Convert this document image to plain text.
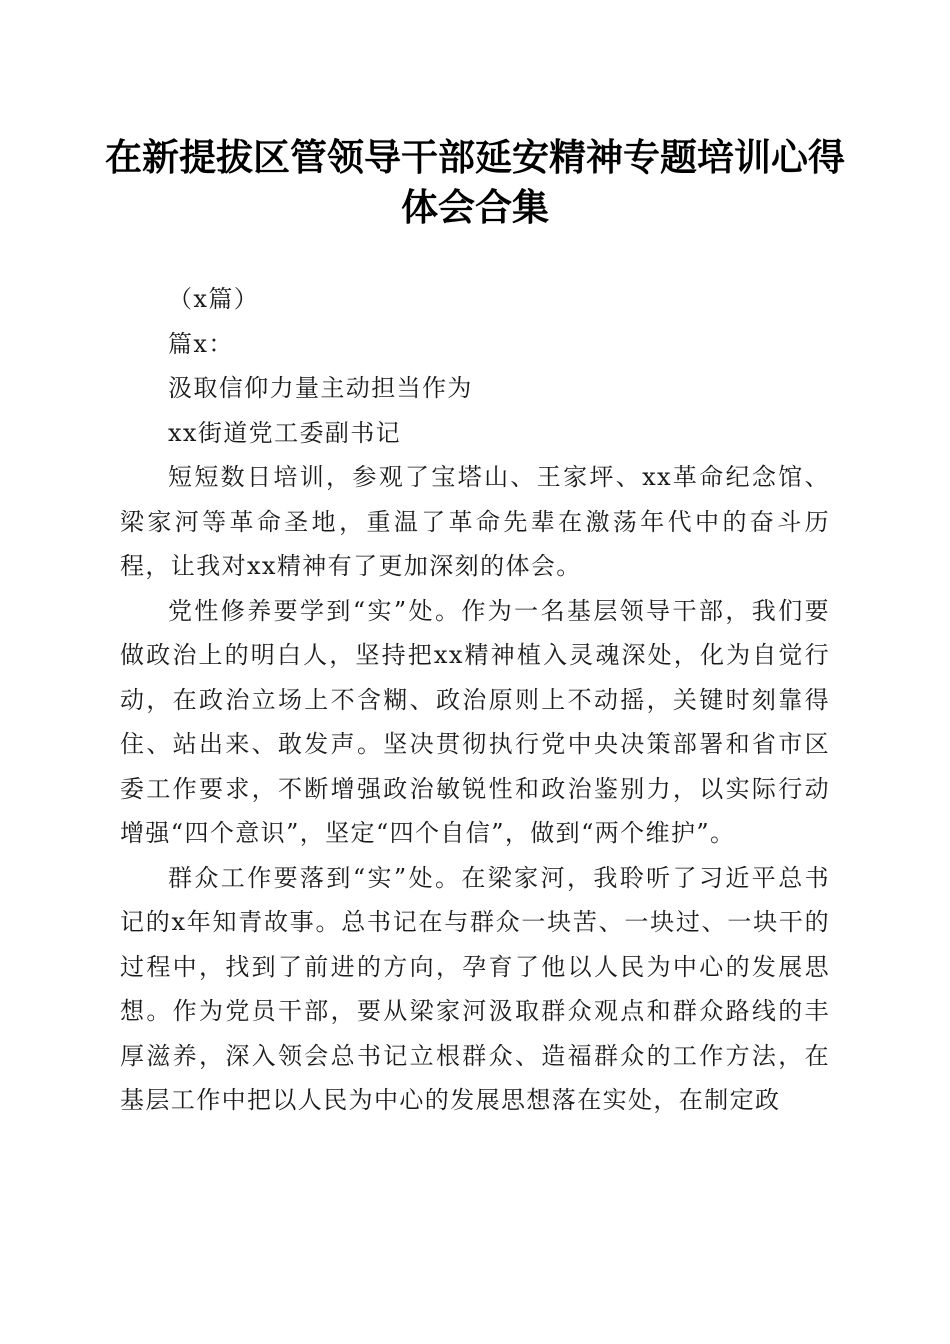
在新提拔区管领导干部延安精神专题培训心得
体会合集

（x篇）

篇x：

汲取信仰力量主动担当作为

xx街道党工委副书记

短短数日培训，参观了宝塔山、王家坪、xx革命纪念馆、梁家河等革命圣地，重温了革命先辈在激荡年代中的奋斗历程，让我对xx精神有了更加深刻的体会。

党性修养要学到“实”处。作为一名基层领导干部，我们要做政治上的明白人，坚持把xx精神植入灵魂深处，化为自觉行动，在政治立场上不含糊、政治原则上不动摇，关键时刻靠得住、站出来、敢发声。坚决贯彻执行党中央决策部署和省市区委工作要求，不断增强政治敏锐性和政治鉴别力，以实际行动增强“四个意识”，坚定“四个自信”，做到“两个维护”。

群众工作要落到“实”处。在梁家河，我聆听了习近平总书记的x年知青故事。总书记在与群众一块苦、一块过、一块干的过程中，找到了前进的方向，孕育了他以人民为中心的发展思想。作为党员干部，要从梁家河汲取群众观点和群众路线的丰厚滋养，深入领会总书记立根群众、造福群众的工作方法，在基层工作中把以人民为中心的发展思想落在实处，在制定政
